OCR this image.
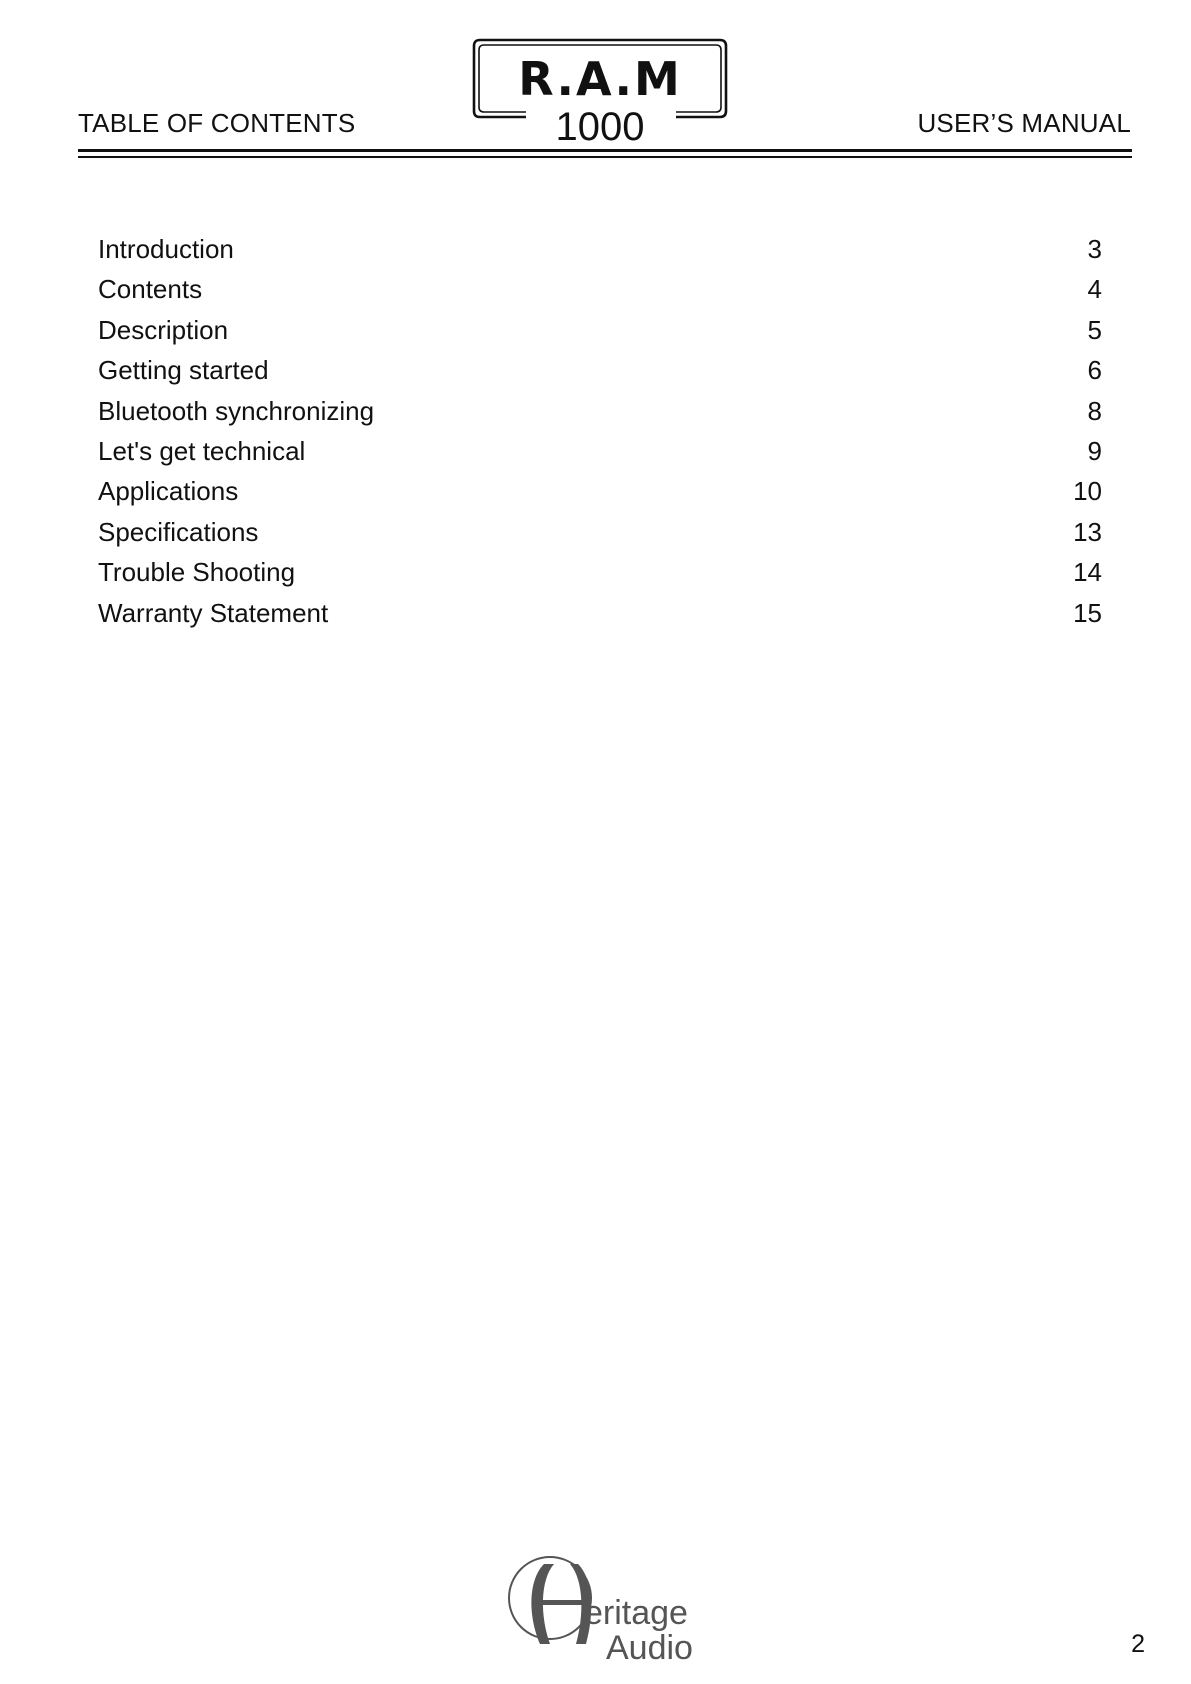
TABLE OF CONTENTS
R.A.M
1000	USER’S MANUAL
Introduction	3
Contents	4
Description	5
Getting started	6
Bluetooth synchronizing	8
Let's get technical	9
Applications	10
Specifications	13
Trouble Shooting	14
Warranty Statement	15
eritage
Audio	2
